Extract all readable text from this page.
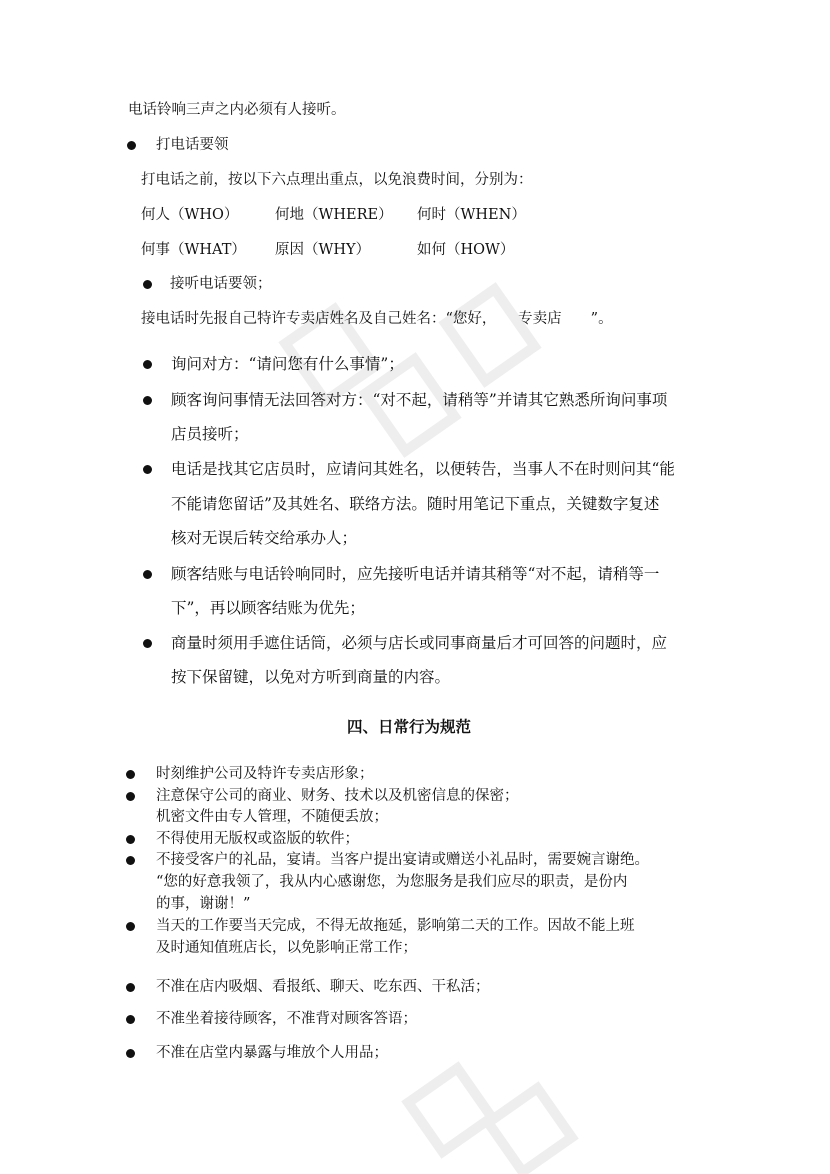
电话铃响三声之内必须有人接听。
打电话要领
打电话之前，按以下六点理出重点，以免浪费时间，分别为：
何人（WHO）	何地（WHERE） 何时（WHEN）
何事（WHAT） 原因（WHY）	如何（HOW）
接听电话要领；
接电话时先报自己特许专卖店姓名及自己姓名：“您好，　　专卖店　　”。
询问对方：“请问您有什么事情”；
顾客询问事情无法回答对方：“对不起，请稍等”并请其它熟悉所询问事项
店员接听；
电话是找其它店员时，应请问其姓名，以便转告，当事人不在时则问其“能
不能请您留话”及其姓名、联络方法。随时用笔记下重点，关键数字复述
核对无误后转交给承办人；
顾客结账与电话铃响同时，应先接听电话并请其稍等“对不起，请稍等一
下”，再以顾客结账为优先；
商量时须用手遮住话筒，必须与店长或同事商量后才可回答的问题时，应
按下保留键，以免对方听到商量的内容。
四、日常行为规范
时刻维护公司及特许专卖店形象；
注意保守公司的商业、财务、技术以及机密信息的保密；
机密文件由专人管理，不随便丢放；
不得使用无版权或盗版的软件；
不接受客户的礼品，宴请。当客户提出宴请或赠送小礼品时，需要婉言谢绝。
“您的好意我领了，我从内心感谢您，为您服务是我们应尽的职责，是份内
的事，谢谢！”
当天的工作要当天完成，不得无故拖延，影响第二天的工作。因故不能上班
及时通知值班店长，以免影响正常工作；
不准在店内吸烟、看报纸、聊天、吃东西、干私活；
不准坐着接待顾客，不准背对顾客答语；
不准在店堂内暴露与堆放个人用品；
